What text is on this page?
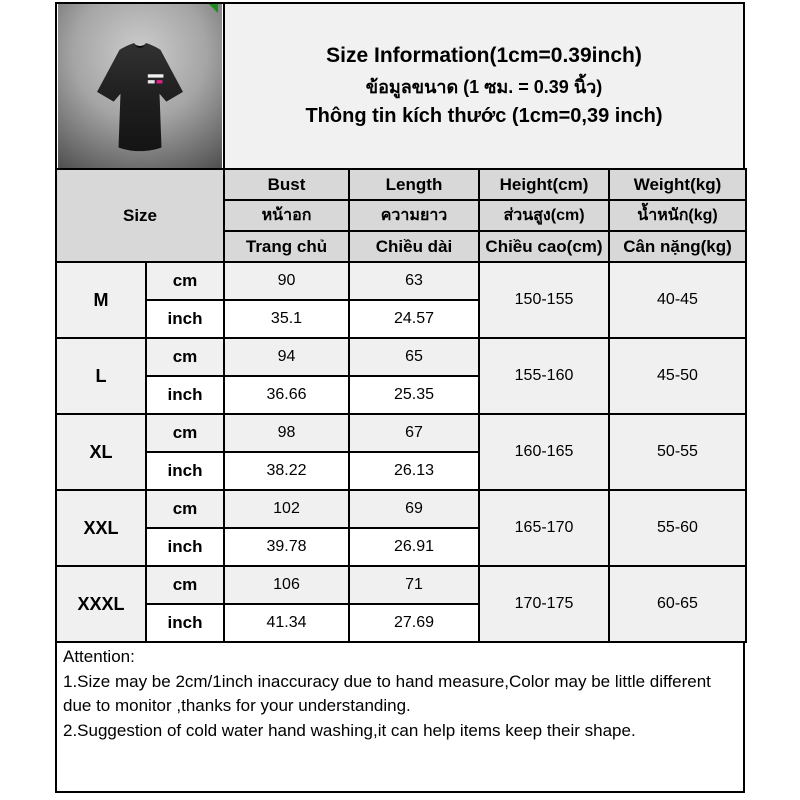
Size Information(1cm=0.39inch)
ข้อมูลขนาด (1 ซม. = 0.39 นิ้ว)
Thông tin kích thước (1cm=0,39 inch)
Size		Bust	Length	Height(cm)	Weight(kg)
		หน้าอก	ความยาว	ส่วนสูง(cm)	น้ำหนัก(kg)
		Trang chủ	Chiều dài	Chiều cao(cm)	Cân nặng(kg)
M	cm	90	63	150-155	40-45
	inch	35.1	24.57		
L	cm	94	65	155-160	45-50
	inch	36.66	25.35		
XL	cm	98	67	160-165	50-55
	inch	38.22	26.13		
XXL	cm	102	69	165-170	55-60
	inch	39.78	26.91		
XXXL	cm	106	71	170-175	60-65
	inch	41.34	27.69		
Attention:
1.Size may be 2cm/1inch inaccuracy due to hand measure,Color may be little different due to monitor ,thanks for your understanding.
2.Suggestion of cold water hand washing,it can help items keep their shape.
